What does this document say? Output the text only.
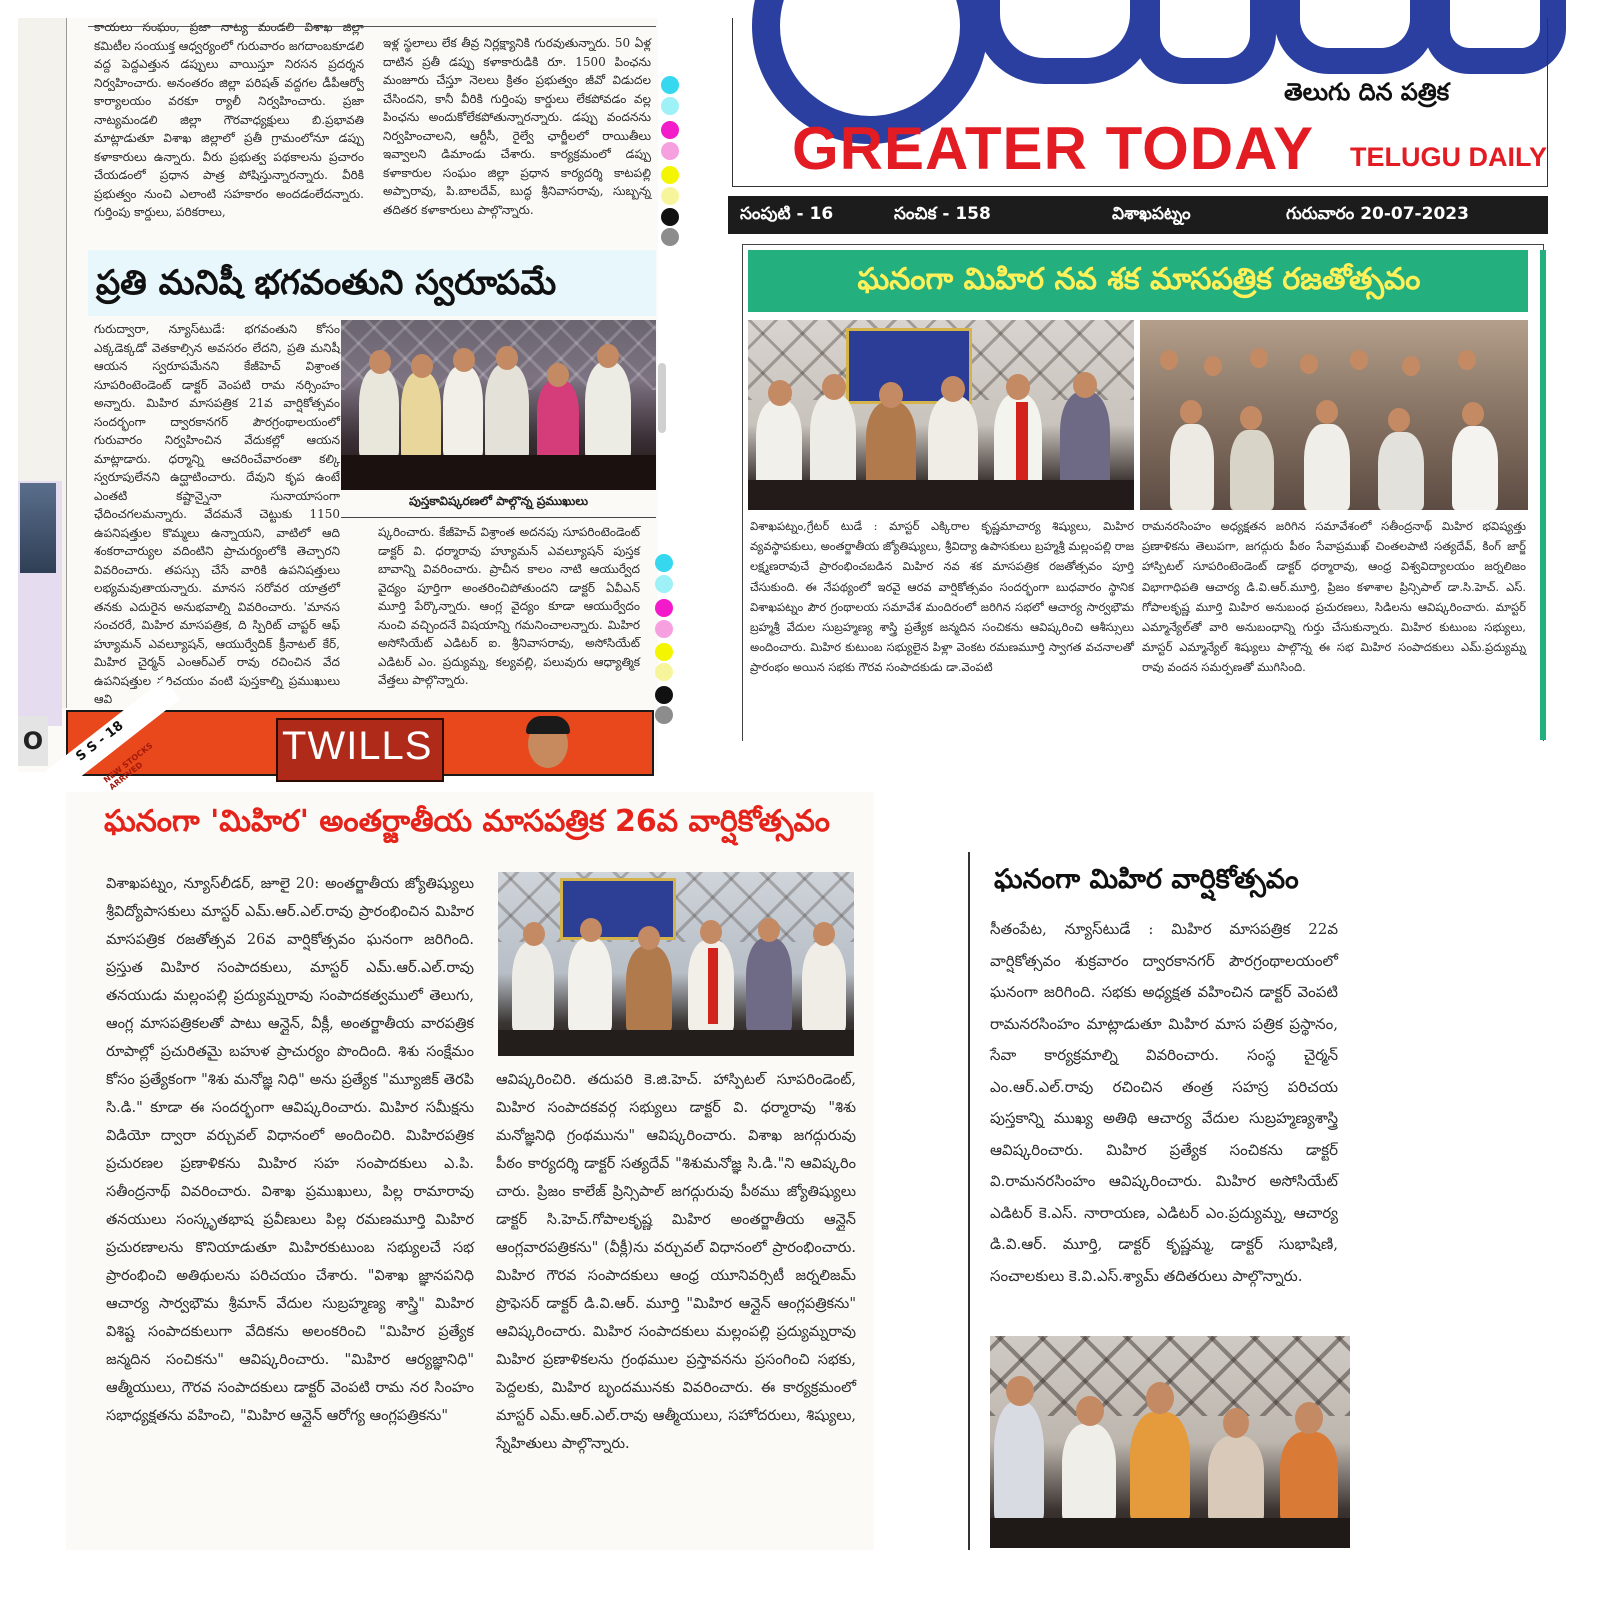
కాయలు సంఘం, ప్రజా నాట్య మండలి విశాఖ జిల్లా కమిటీల సంయుక్త ఆధ్వర్యంలో గురువారం జగదాంబకూడలి వద్ద పెద్దఎత్తున డప్పులు వాయిస్తూ నిరసన ప్రదర్శన నిర్వహించారు. అనంతరం జిల్లా పరిషత్ వద్దగల డీపీఆర్వో కార్యాలయం వరకూ ర్యాలీ నిర్వహించారు. ప్రజా నాట్యమండలి జిల్లా గౌరవాధ్యక్షులు బి.ప్రభావతి మాట్లాడుతూ విశాఖ జిల్లాలో ప్రతీ గ్రామంలోనూ డప్పు కళాకారులు ఉన్నారు. వీరు ప్రభుత్వ పథకాలను ప్రచారం చేయడంలో ప్రధాన పాత్ర పోషిస్తున్నారన్నారు. వీరికి ప్రభుత్వం నుంచి ఎలాంటి సహకారం అందడంలేదన్నారు. గుర్తింపు కార్డులు, పరికరాలు,

ఇళ్ల స్థలాలు లేక తీవ్ర నిర్లక్ష్యానికి గురవుతున్నారు. 50 ఏళ్ల దాటిన ప్రతీ డప్పు కళాకారుడికి రూ. 1500 పింఛను మంజూరు చేస్తూ నెలలు క్రితం ప్రభుత్వం జీవో విడుదల చేసిందని, కానీ వీరికి గుర్తింపు కార్డులు లేకపోవడం వల్ల పింఛను అందుకోలేకపోతున్నారన్నారు. డప్పు వందనను నిర్వహించాలని, ఆర్టీసీ, రైల్వే ఛార్జీలలో రాయితీలు ఇవ్వాలని డిమాండు చేశారు. కార్యక్రమంలో డప్పు కళాకారుల సంఘం జిల్లా ప్రధాన కార్యదర్శి కాటపల్లి అప్పారావు, పి.బాలదేవ్, బుద్ధ శ్రీనివాసరావు, సుబ్బన్న తదితర కళాకారులు పాల్గొన్నారు.

ప్రతి మనిషీ భగవంతుని స్వరూపమే

గురుద్వారా, న్యూస్‌టుడే: భగవంతుని కోసం ఎక్కడెక్కడో వెతకాల్సిన అవసరం లేదని, ప్రతి మనిషీ ఆయన స్వరూపమేనని కేజీహెచ్ విశ్రాంత సూపరింటెండెంట్ డాక్టర్ వెంపటి రామ నర్సింహం అన్నారు. మిహిర మాసపత్రిక 21వ వార్షికోత్సవం సందర్భంగా ద్వారకానగర్ పౌరగ్రంథాలయంలో గురువారం నిర్వహించిన వేదుకల్లో ఆయన మాట్లాడారు. ధర్మాన్ని ఆచరించేవారంతా కల్కి స్వరూపులేనని ఉద్ఘాటించారు. దేవుని కృప ఉంటే ఎంతటి కష్టాన్నైనా సునాయాసంగా ఛేదించగలమన్నారు. వేదమనే చెట్టుకు 1150 ఉపనిషత్తుల కొమ్మలు ఉన్నాయని, వాటిలో ఆది శంకరాచార్యుల వదింటిని ప్రాచుర్యంలోకి తెచ్చారని వివరించారు. తపస్సు చేసే వారికి ఉపనిషత్తులు లభ్యమవుతాయన్నారు. మానస సరోవర యాత్రలో తనకు ఎదురైన అనుభవాల్ని వివరించారు. 'మానస సంచరరే, మిహిర మాసపత్రిక, ది స్పిరిట్ చాప్టర్ ఆఫ్ హ్యూమన్ ఎవల్యూషన్, ఆయుర్వేదిక్ క్రీనాటల్ కేర్, మిహిర చైర్మన్ ఎంఆర్ఎల్ రావు రచించిన వేద ఉపనిషత్తుల పరిచయం వంటి పుస్తకాల్ని ప్రముఖులు ఆవి

పుస్తకావిష్కరణలో పాల్గొన్న ప్రముఖులు

ష్కరించారు. కేజీహెచ్ విశ్రాంత అదనపు సూపరింటెండెంట్ డాక్టర్ వి. ధర్మారావు హ్యూమన్ ఎవల్యూషన్ పుస్తక బావాన్ని వివరించారు. ప్రాచీన కాలం నాటి ఆయుర్వేద వైద్యం పూర్తిగా అంతరించిపోతుందని డాక్టర్ ఏవీఎన్ మూర్తి పేర్కొన్నారు. ఆంగ్ల వైద్యం కూడా ఆయుర్వేదం నుంచి వచ్చిందనే విషయాన్ని గమనించాలన్నారు. మిహిర అసోసియేట్ ఎడిటర్ ఐ. శ్రీనివాసరావు, అసోసియేట్ ఎడిటర్ ఎం. ప్రద్యుమ్న, కల్యవల్లి, పలువురు ఆధ్యాత్మిక వేత్తలు పాల్గొన్నారు.

S S - 18
NEW STOCKS ARRIVED
TWILLS
O
తెలుగు దిన పత్రిక
GREATER TODAY TELUGU DAILY
సంపుటి - 16	సంచిక - 158	విశాఖపట్నం	గురువారం 20-07-2023
ఘనంగా మిహిర నవ శక మాసపత్రిక రజతోత్సవం

విశాఖపట్నం,గ్రేటర్ టుడే : మాస్టర్ ఎక్కిరాల కృష్ణమాచార్య శిష్యులు, మిహిర వ్యవస్థాపకులు, అంతర్జాతీయ జ్యోతిష్యులు, శ్రీవిద్యా ఉపాసకులు బ్రహ్మశ్రీ మల్లంపల్లి రాజ లక్ష్మణరావుచే ప్రారంభించబడిన మిహిర నవ శక మాసపత్రిక రజతోత్సవం పూర్తి చేసుకుంది. ఈ నేపథ్యంలో ఇరవై ఆరవ వార్షికోత్సవం సందర్భంగా బుధవారం స్థానిక విశాఖపట్నం పౌర గ్రంథాలయ సమావేశ మందిరంలో జరిగిన సభలో ఆచార్య సార్వభౌమ బ్రహ్మశ్రీ వేదుల సుబ్రహ్మణ్య శాస్త్రి ప్రత్యేక జన్మదిన సంచికను ఆవిష్కరించి ఆశీస్సులు అందించారు. మిహిర కుటుంబ సభ్యులైన పిళ్లా వెంకట రమణమూర్తి స్వాగత వచనాలతో ప్రారంభం అయిన సభకు గౌరవ సంపాదకుడు డా.వెంపటి

రామనరసింహం అధ్యక్షతన జరిగిన సమావేశంలో సతీంద్రనాథ్ మిహిర భవిష్యత్తు ప్రణాళికను తెలుపగా, జగద్గురు పీఠం సేవాప్రముఖ్ చింతలపాటి సత్యదేవ్, కింగ్ జార్జ్ హాస్పిటల్ సూపరింటెండెంట్ డాక్టర్ ధర్మారావు, ఆంధ్ర విశ్వవిద్యాలయం జర్నలిజం విభాగాధిపతి ఆచార్య డి.వి.ఆర్.మూర్తి, ప్రిజం కళాశాల ప్రిన్సిపాల్ డా.సి.హెచ్. ఎస్. గోపాలకృష్ణ మూర్తి మిహిర అనుబంధ ప్రచురణలు, సిడిలను ఆవిష్కరించారు. మాస్టర్ ఎమ్మాన్యేల్‌తో వారి అనుబంధాన్ని గుర్తు చేసుకున్నారు. మిహిర కుటుంబ సభ్యులు, మాస్టర్ ఎమ్మాన్యేల్ శిష్యులు పాల్గొన్న ఈ సభ మిహిర సంపాదకులు ఎమ్.ప్రద్యుమ్న రావు వందన సమర్పణతో ముగిసింది.

ఘనంగా 'మిహిర' అంతర్జాతీయ మాసపత్రిక 26వ వార్షికోత్సవం

విశాఖపట్నం, న్యూస్‌లీడర్, జూలై 20: అంతర్జాతీయ జ్యోతిష్యులు శ్రీవిద్యోపాసకులు మాస్టర్ ఎమ్.ఆర్.ఎల్.రావు ప్రారంభించిన మిహిర మాసపత్రిక రజతోత్సవ 26వ వార్షికోత్సవం ఘనంగా జరిగింది. ప్రస్తుత మిహిర సంపాదకులు, మాస్టర్ ఎమ్.ఆర్.ఎల్.రావు తనయుడు మల్లంపల్లి ప్రద్యుమ్నరావు సంపాదకత్వములో తెలుగు, ఆంగ్ల మాసపత్రికలతో పాటు ఆన్లైన్, వీక్లీ, అంతర్జాతీయ వారపత్రిక రూపాల్లో ప్రచురితమై బహుళ ప్రాచుర్యం పొందింది. శిశు సంక్షేమం కోసం ప్రత్యేకంగా "శిశు మనోజ్ఞ నిధి" అను ప్రత్యేక "మ్యూజిక్ తెరపి సి.డి." కూడా ఈ సందర్భంగా ఆవిష్కరించారు. మిహిర సమీక్షను విడియో ద్వారా వర్చువల్ విధానంలో అందించిరి. మిహిరపత్రిక ప్రచురణల ప్రణాళికను మిహిర సహ సంపాదకులు ఎ.పి. సతీంద్రనాథ్ వివరించారు. విశాఖ ప్రముఖులు, పిల్ల రామారావు తనయులు సంస్కృతభాష ప్రవీణులు పిల్ల రమణమూర్తి మిహిర ప్రచురణాలను కొనియాడుతూ మిహిరకుటుంబ సభ్యులచే సభ ప్రారంభించి అతిథులను పరిచయం చేశారు. "విశాఖ జ్ఞానపనిధి ఆచార్య సార్వభౌమ శ్రీమాన్ వేదుల సుబ్రహ్మణ్య శాస్త్రి" మిహిర విశిష్ట సంపాదకులుగా వేదికను అలంకరించి "మిహిర ప్రత్యేక జన్మదిన సంచికను" ఆవిష్కరించారు. "మిహిర ఆర్యజ్ఞానిధి" ఆత్మీయులు, గౌరవ సంపాదకులు డాక్టర్ వెంపటి రామ నర సింహం సభాధ్యక్షతను వహించి, "మిహిర ఆన్లైన్ ఆరోగ్య ఆంగ్లపత్రికను"

ఆవిష్కరించిరి. తదుపరి కె.జి.హెచ్. హాస్పిటల్ సూపరిండెంట్, మిహిర సంపాదకవర్గ సభ్యులు డాక్టర్ వి. ధర్మారావు "శిశు మనోజ్ఞనిధి గ్రంథమును" ఆవిష్కరించారు. విశాఖ జగద్గురువు పీఠం కార్యదర్శి డాక్టర్ సత్యదేవ్ "శిశుమనోజ్ఞ సి.డి."ని ఆవిష్కరిం చారు. ప్రిజం కాలేజ్ ప్రిన్సిపాల్ జగద్గురువు పీఠము జ్యోతిష్యులు డాక్టర్ సి.హెచ్.గోపాలకృష్ణ మిహిర అంతర్జాతీయ ఆన్లైన్ ఆంగ్లవారపత్రికను" (వీక్లీ)ను వర్చువల్ విధానంలో ప్రారంభించారు. మిహిర గౌరవ సంపాదకులు ఆంధ్ర యూనివర్సిటీ జర్నలిజమ్ ప్రొఫెసర్ డాక్టర్ డి.వి.ఆర్. మూర్తి "మిహిర ఆన్లైన్ ఆంగ్లపత్రికను" ఆవిష్కరించారు. మిహిర సంపాదకులు మల్లంపల్లి ప్రద్యుమ్నరావు మిహిర ప్రణాళికలను గ్రంథముల ప్రస్తావనను ప్రసంగించి సభకు, పెద్దలకు, మిహిర బృందమునకు వివరించారు. ఈ కార్యక్రమంలో మాస్టర్ ఎమ్.ఆర్.ఎల్.రావు ఆత్మీయులు, సహోదరులు, శిష్యులు, స్నేహితులు పాల్గొన్నారు.

ఘనంగా మిహిర వార్షికోత్సవం

సీతంపేట, న్యూస్‌టుడే : మిహిర మాసపత్రిక 22వ వార్షికోత్సవం శుక్రవారం ద్వారకానగర్ పౌరగ్రంథాలయంలో ఘనంగా జరిగింది. సభకు అధ్యక్షత వహించిన డాక్టర్ వెంపటి రామనరసింహం మాట్లాడుతూ మిహిర మాస పత్రిక ప్రస్థానం, సేవా కార్యక్రమాల్ని వివరించారు. సంస్థ చైర్మన్ ఎం.ఆర్.ఎల్.రావు రచించిన తంత్ర సహస్ర పరిచయ పుస్తకాన్ని ముఖ్య అతిథి ఆచార్య వేదుల సుబ్రహ్మణ్యశాస్త్రి ఆవిష్కరించారు. మిహిర ప్రత్యేక సంచికను డాక్టర్ వి.రామనరసింహం ఆవిష్కరించారు. మిహిర అసోసియేట్ ఎడిటర్ కె.ఎస్. నారాయణ, ఎడిటర్ ఎం.ప్రద్యుమ్న, ఆచార్య డి.వి.ఆర్. మూర్తి, డాక్టర్ కృష్ణమ్మ, డాక్టర్ సుభాషిణి, సంచాలకులు కె.వి.ఎస్.శ్యామ్ తదితరులు పాల్గొన్నారు.
